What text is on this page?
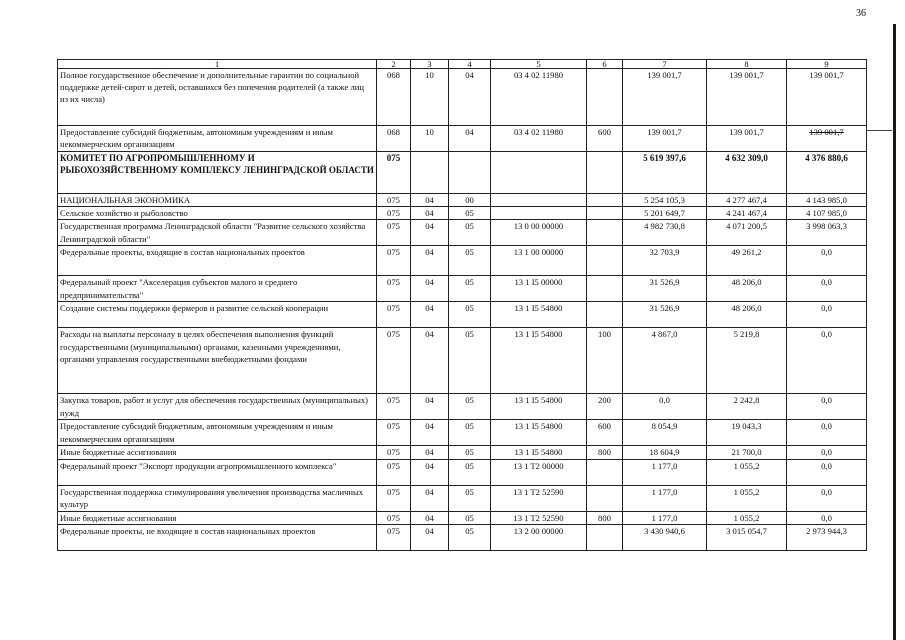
36
1	2	3	4	5	6	7	8	9
Полное государственное обеспечение и дополнительные гарантии по социальной поддержке детей-сирот и детей, оставшихся без попечения родителей (а также лиц из их числа)	068	10	04	03 4 02 11980		139 001,7	139 001,7	139 001,7
Предоставление субсидий бюджетным, автономным учреждениям и иным некоммерческим организациям	068	10	04	03 4 02 11980	600	139 001,7	139 001,7	139 001,7
КОМИТЕТ ПО АГРОПРОМЫШЛЕННОМУ И РЫБОХОЗЯЙСТВЕННОМУ КОМПЛЕКСУ ЛЕНИНГРАДСКОЙ ОБЛАСТИ	075					5 619 397,6	4 632 309,0	4 376 880,6
НАЦИОНАЛЬНАЯ ЭКОНОМИКА	075	04	00			5 254 105,3	4 277 467,4	4 143 985,0
Сельское хозяйство и рыболовство	075	04	05			5 201 649,7	4 241 467,4	4 107 985,0
Государственная программа Ленинградской области "Развитие сельского хозяйства Ленинградской области"	075	04	05	13 0 00 00000		4 982 730,8	4 071 200,5	3 998 063,3
Федеральные проекты, входящие в состав национальных проектов	075	04	05	13 1 00 00000		32 703,9	49 261,2	0,0
Федеральный проект "Акселерация субъектов малого и среднего предпринимательства"	075	04	05	13 1 I5 00000		31 526,9	48 206,0	0,0
Создание системы поддержки фермеров и развитие сельской кооперации	075	04	05	13 1 I5 54800		31 526,9	48 206,0	0,0
Расходы на выплаты персоналу в целях обеспечения выполнения функций государственными (муниципальными) органами, казенными учреждениями, органами управления государственными внебюджетными фондами	075	04	05	13 1 I5 54800	100	4 867,0	5 219,8	0,0
Закупка товаров, работ и услуг для обеспечения государственных (муниципальных) нужд	075	04	05	13 1 I5 54800	200	0,0	2 242,8	0,0
Предоставление субсидий бюджетным, автономным учреждениям и иным некоммерческим организациям	075	04	05	13 1 I5 54800	600	8 054,9	19 043,3	0,0
Иные бюджетные ассигнования	075	04	05	13 1 I5 54800	800	18 604,9	21 700,0	0,0
Федеральный проект "Экспорт продукции агропромышленного комплекса"	075	04	05	13 1 T2 00000		1 177,0	1 055,2	0,0
Государственная поддержка стимулирования увеличения производства масличных культур	075	04	05	13 1 T2 52590		1 177,0	1 055,2	0,0
Иные бюджетные ассигнования	075	04	05	13 1 T2 52590	800	1 177,0	1 055,2	0,0
Федеральные проекты, не входящие в состав национальных проектов	075	04	05	13 2 00 00000		3 430 940,6	3 015 054,7	2 973 944,3
